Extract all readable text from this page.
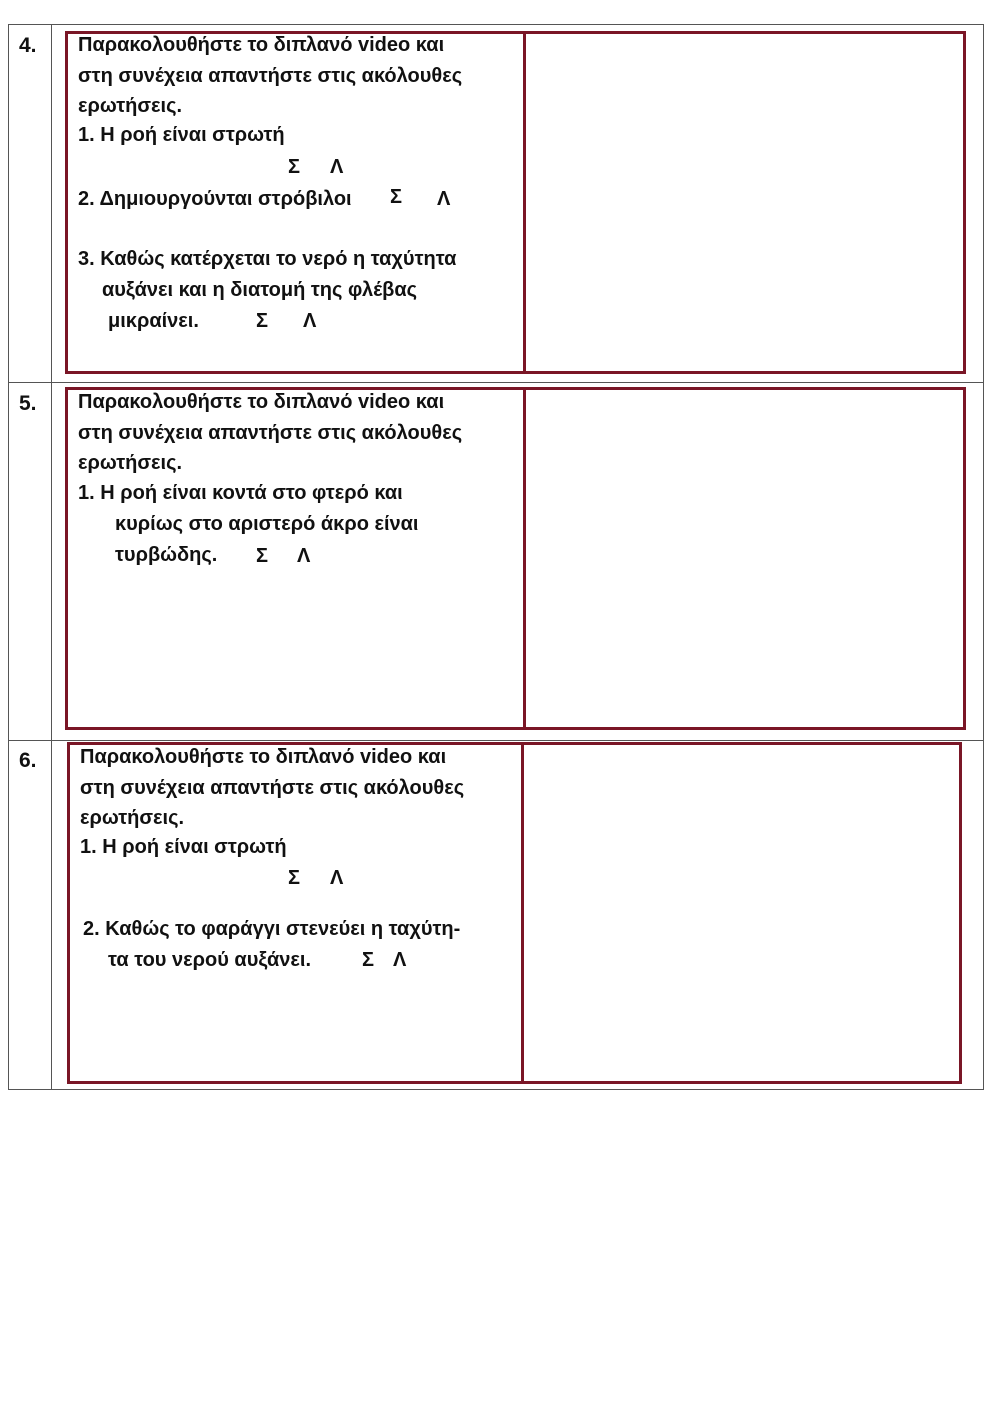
4.
5.
6.
Παρακολουθήστε το διπλανό video και
στη συνέχεια απαντήστε στις ακόλουθες
ερωτήσεις.
1. Η ροή είναι στρωτή
Σ Λ
2. Δημιουργούνται στρόβιλοι Σ Λ
3. Καθώς κατέρχεται το νερό η ταχύτητα
αυξάνει και η διατομή της φλέβας
μικραίνει.	Σ Λ
Παρακολουθήστε το διπλανό video και
στη συνέχεια απαντήστε στις ακόλουθες
ερωτήσεις.
1. Η ροή είναι κοντά στο φτερό και
κυρίως στο αριστερό άκρο είναι
τυρβώδης. Σ Λ
Παρακολουθήστε το διπλανό video και
στη συνέχεια απαντήστε στις ακόλουθες
ερωτήσεις.
1. Η ροή είναι στρωτή
Σ Λ
2. Καθώς το φαράγγι στενεύει η ταχύτη-
τα του νερού αυξάνει.	Σ Λ
